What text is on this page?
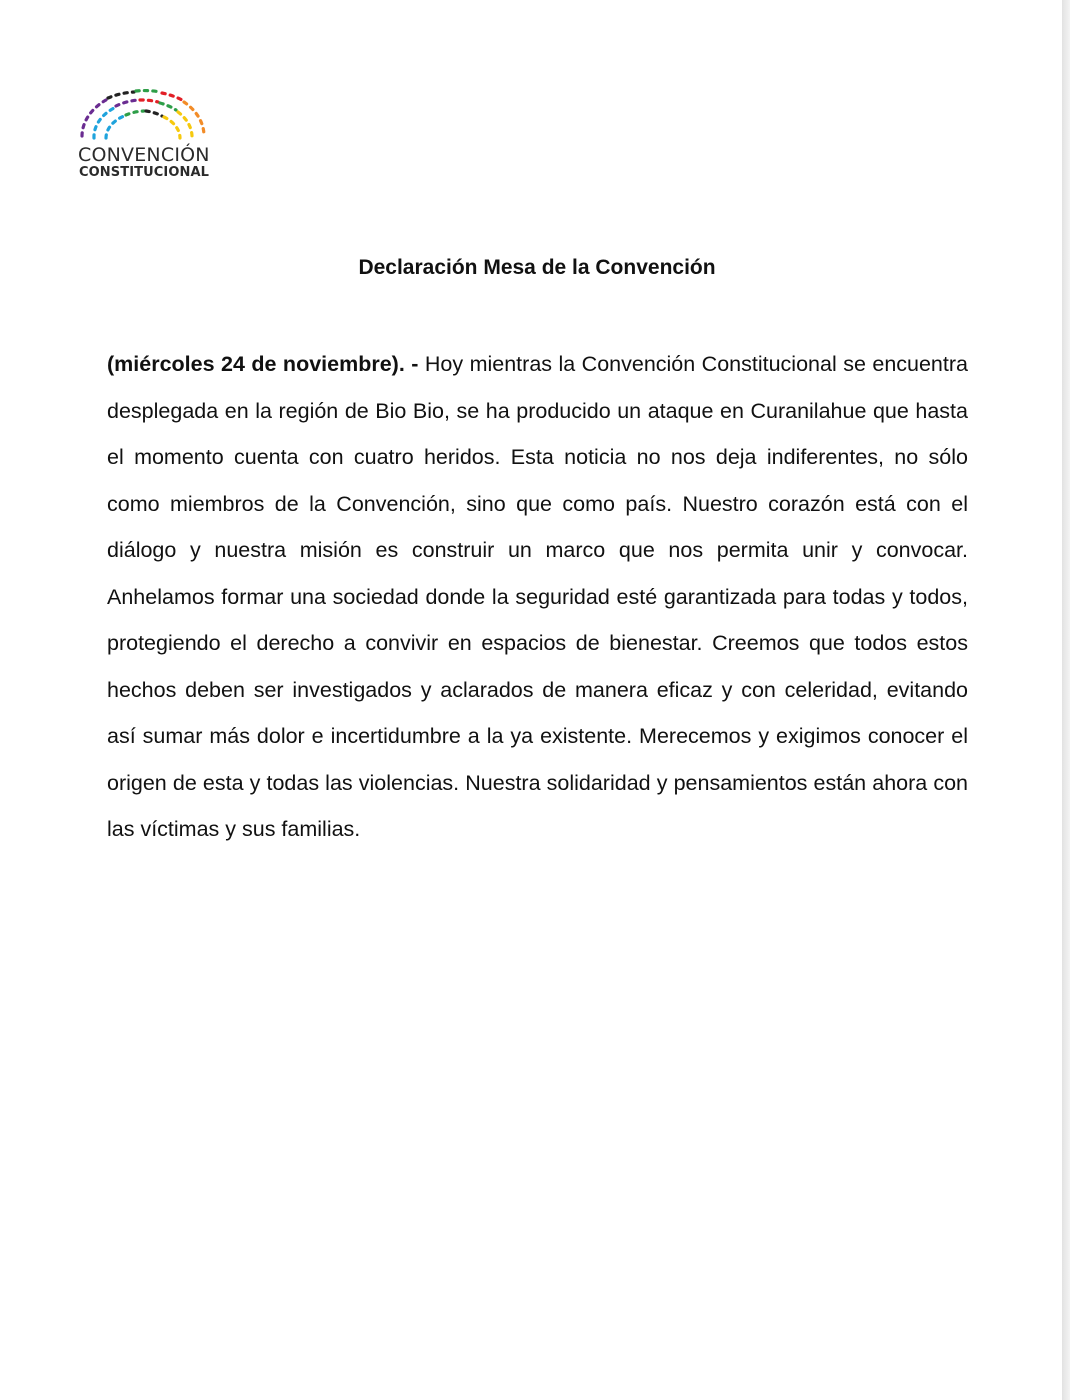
CONVENCIÓN
CONSTITUCIONAL
Declaración Mesa de la Convención

(miércoles 24 de noviembre). - Hoy mientras la Convención Constitucional se encuentra desplegada en la región de Bio Bio, se ha producido un ataque en Curanilahue que hasta el momento cuenta con cuatro heridos. Esta noticia no nos deja indiferentes, no sólo como miembros de la Convención, sino que como país. Nuestro corazón está con el diálogo y nuestra misión es construir un marco que nos permita unir y convocar. Anhelamos formar una sociedad donde la seguridad esté garantizada para todas y todos, protegiendo el derecho a convivir en espacios de bienestar. Creemos que todos estos hechos deben ser investigados y aclarados de manera eficaz y con celeridad, evitando así sumar más dolor e incertidumbre a la ya existente. Merecemos y exigimos conocer el origen de esta y todas las violencias. Nuestra solidaridad y pensamientos están ahora con las víctimas y sus familias.
